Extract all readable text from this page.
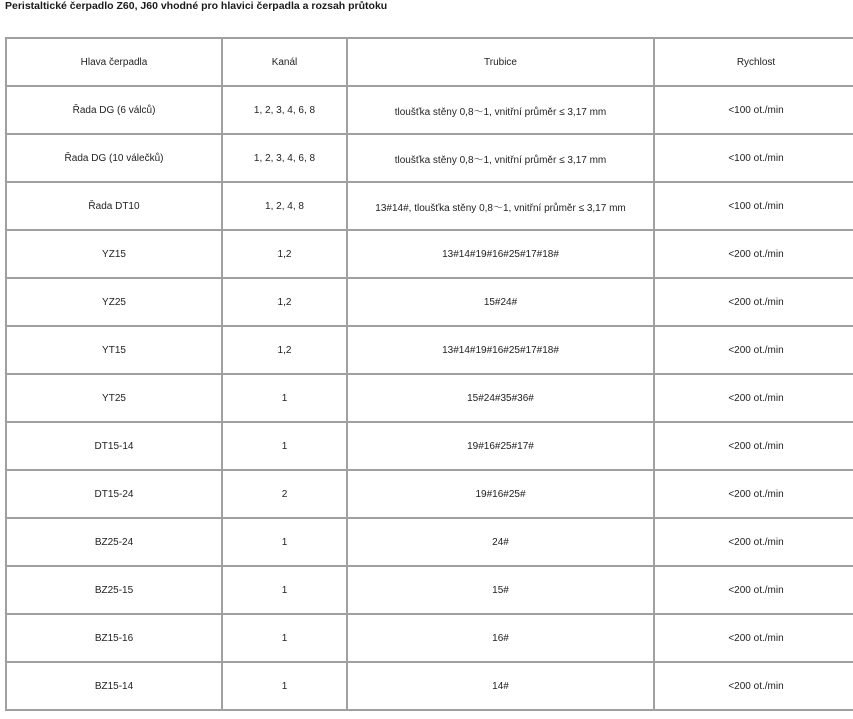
Peristaltické čerpadlo Z60, J60 vhodné pro hlavici čerpadla a rozsah průtoku
Hlava čerpadla	Kanál	Trubice	Rychlost
Řada DG (6 válců)	1, 2, 3, 4, 6, 8	tloušťka stěny 0,8～1, vnitřní průměr ≤ 3,17 mm	<100 ot./min
Řada DG (10 válečků)	1, 2, 3, 4, 6, 8	tloušťka stěny 0,8～1, vnitřní průměr ≤ 3,17 mm	<100 ot./min
Řada DT10	1, 2, 4, 8	13#14#, tloušťka stěny 0,8～1, vnitřní průměr ≤ 3,17 mm	<100 ot./min
YZ15	1,2	13#14#19#16#25#17#18#	<200 ot./min
YZ25	1,2	15#24#	<200 ot./min
YT15	1,2	13#14#19#16#25#17#18#	<200 ot./min
YT25	1	15#24#35#36#	<200 ot./min
DT15-14	1	19#16#25#17#	<200 ot./min
DT15-24	2	19#16#25#	<200 ot./min
BZ25-24	1	24#	<200 ot./min
BZ25-15	1	15#	<200 ot./min
BZ15-16	1	16#	<200 ot./min
BZ15-14	1	14#	<200 ot./min
